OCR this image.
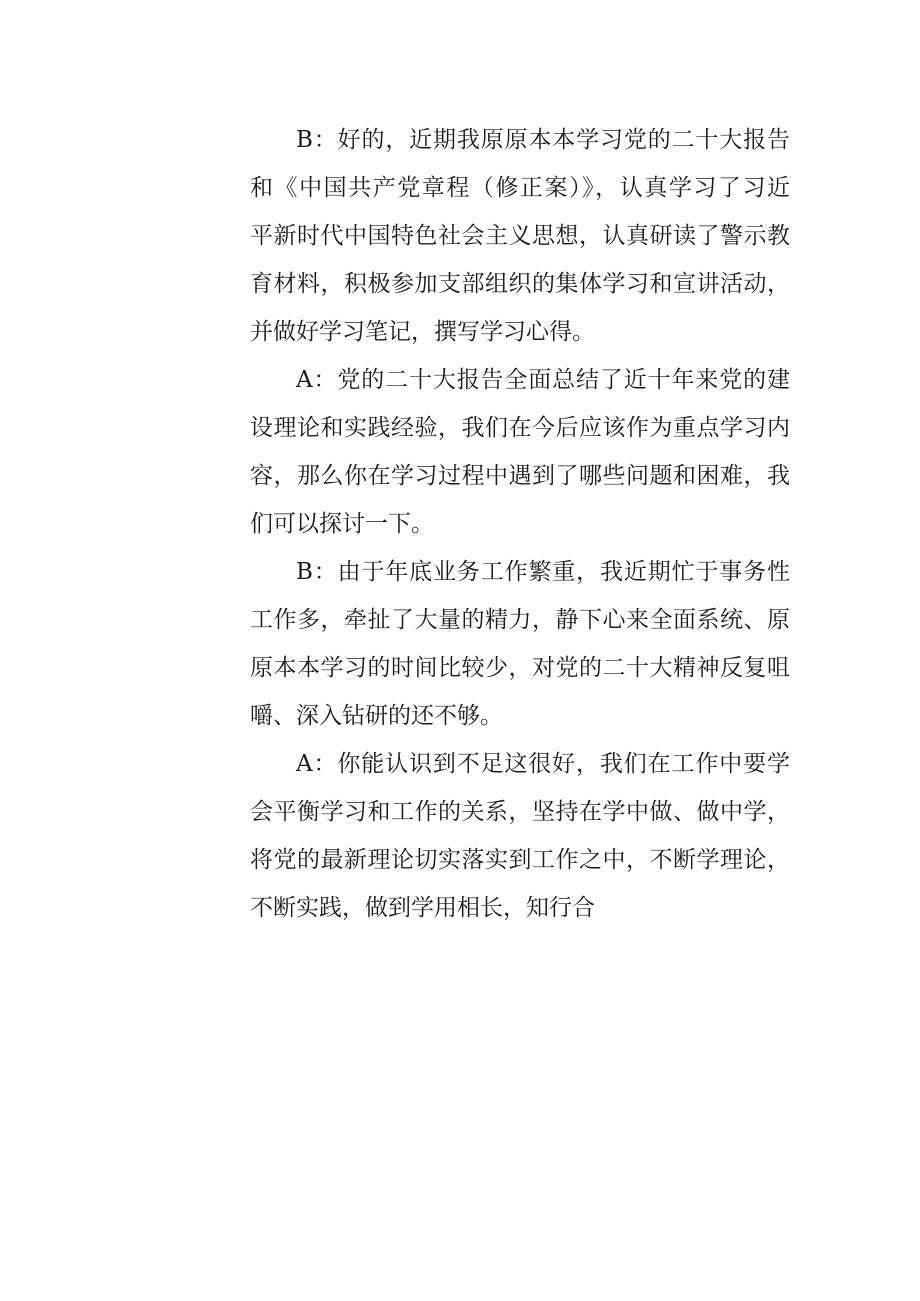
B：好的，近期我原原本本学习党的二十大报告
和《中国共产党章程（修正案）》，认真学习了习近
平新时代中国特色社会主义思想，认真研读了警示教
育材料，积极参加支部组织的集体学习和宣讲活动，
并做好学习笔记，撰写学习心得。
A：党的二十大报告全面总结了近十年来党的建
设理论和实践经验，我们在今后应该作为重点学习内
容，那么你在学习过程中遇到了哪些问题和困难，我
们可以探讨一下。
B：由于年底业务工作繁重，我近期忙于事务性
工作多，牵扯了大量的精力，静下心来全面系统、原
原本本学习的时间比较少，对党的二十大精神反复咀
嚼、深入钻研的还不够。
A：你能认识到不足这很好，我们在工作中要学
会平衡学习和工作的关系，坚持在学中做、做中学，
将党的最新理论切实落实到工作之中，不断学理论，
不断实践，做到学用相长，知行合
